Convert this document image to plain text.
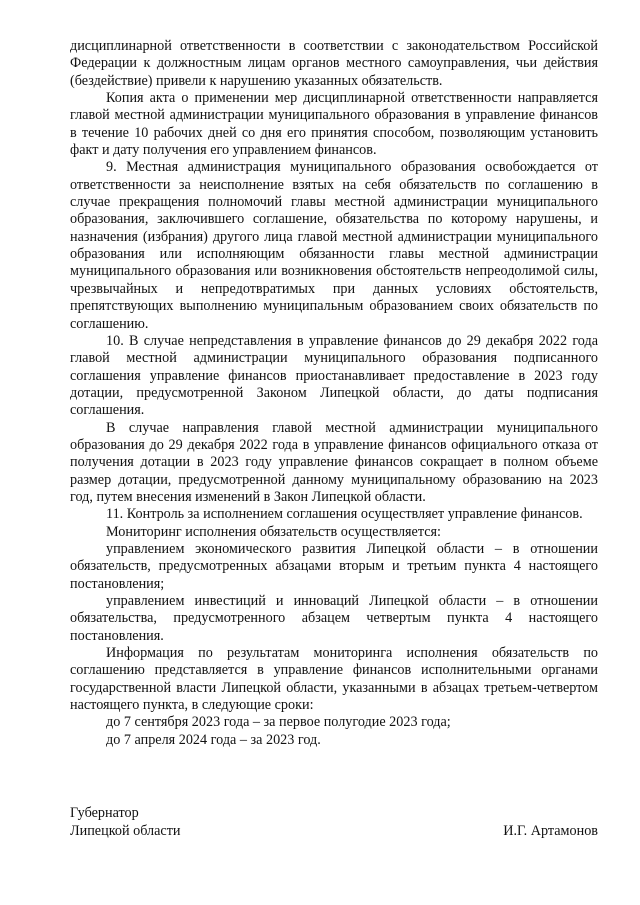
дисциплинарной ответственности в соответствии с законодательством Российской Федерации к должностным лицам органов местного самоуправления, чьи действия (бездействие) привели к нарушению указанных обязательств.

Копия акта о применении мер дисциплинарной ответственности направляется главой местной администрации муниципального образования в управление финансов в течение 10 рабочих дней со дня его принятия способом, позволяющим установить факт и дату получения его управлением финансов.

9. Местная администрация муниципального образования освобождается от ответственности за неисполнение взятых на себя обязательств по соглашению в случае прекращения полномочий главы местной администрации муниципального образования, заключившего соглашение, обязательства по которому нарушены, и назначения (избрания) другого лица главой местной администрации муниципального образования или исполняющим обязанности главы местной администрации муниципального образования или возникновения обстоятельств непреодолимой силы, чрезвычайных и непредотвратимых при данных условиях обстоятельств, препятствующих выполнению муниципальным образованием своих обязательств по соглашению.

10. В случае непредставления в управление финансов до 29 декабря 2022 года главой местной администрации муниципального образования подписанного соглашения управление финансов приостанавливает предоставление в 2023 году дотации, предусмотренной Законом Липецкой области, до даты подписания соглашения.

В случае направления главой местной администрации муниципального образования до 29 декабря 2022 года в управление финансов официального отказа от получения дотации в 2023 году управление финансов сокращает в полном объеме размер дотации, предусмотренной данному муниципальному образованию на 2023 год, путем внесения изменений в Закон Липецкой области.

11. Контроль за исполнением соглашения осуществляет управление финансов.

Мониторинг исполнения обязательств осуществляется:

управлением экономического развития Липецкой области – в отношении обязательств, предусмотренных абзацами вторым и третьим пункта 4 настоящего постановления;

управлением инвестиций и инноваций Липецкой области – в отношении обязательства, предусмотренного абзацем четвертым пункта 4 настоящего постановления.

Информация по результатам мониторинга исполнения обязательств по соглашению представляется в управление финансов исполнительными органами государственной власти Липецкой области, указанными в абзацах третьем-четвертом настоящего пункта, в следующие сроки:

до 7 сентября 2023 года – за первое полугодие 2023 года;

до 7 апреля 2024 года – за 2023 год.

Губернатор
Липецкой области	И.Г. Артамонов
